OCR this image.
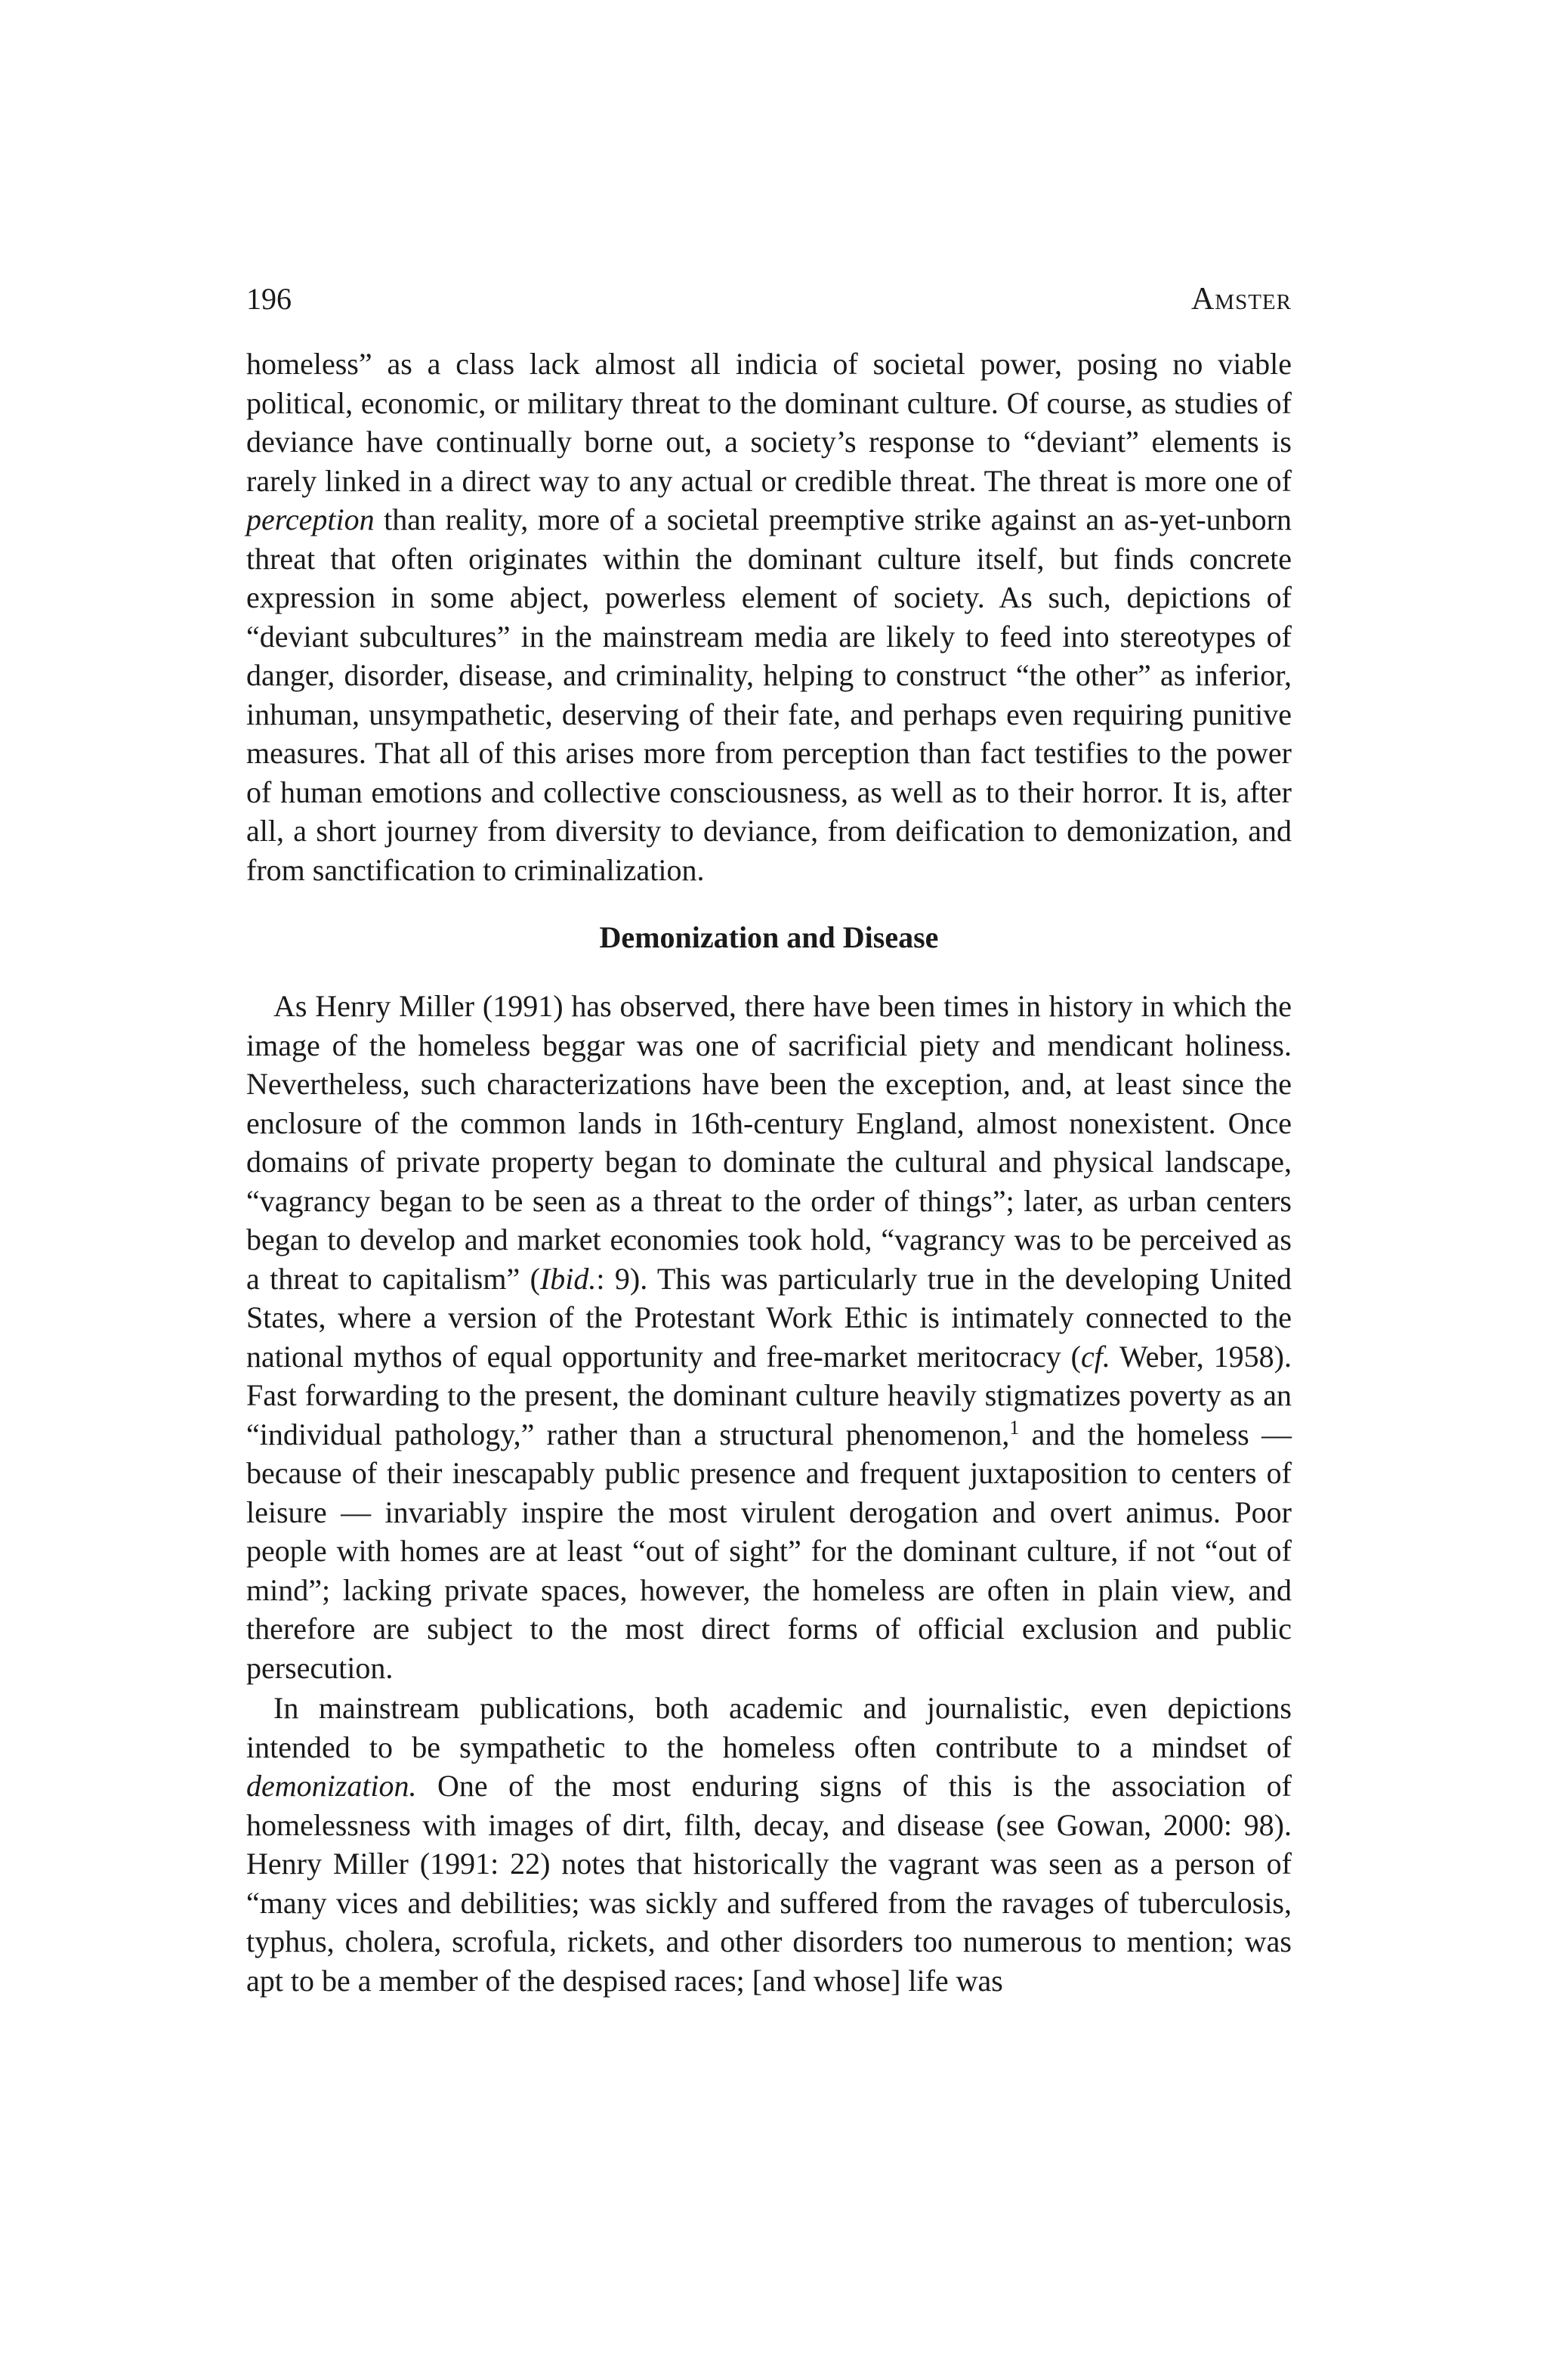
196	Amster

homeless” as a class lack almost all indicia of societal power, posing no viable political, economic, or military threat to the dominant culture. Of course, as studies of deviance have continually borne out, a society’s response to “deviant” elements is rarely linked in a direct way to any actual or credible threat. The threat is more one of perception than reality, more of a societal preemptive strike against an as-yet-unborn threat that often originates within the dominant culture itself, but finds concrete expression in some abject, powerless element of society. As such, depictions of “deviant subcultures” in the mainstream media are likely to feed into stereotypes of danger, disorder, disease, and criminality, helping to construct “the other” as inferior, inhuman, unsympathetic, deserving of their fate, and perhaps even requiring punitive measures. That all of this arises more from perception than fact testifies to the power of human emotions and collective consciousness, as well as to their horror. It is, after all, a short journey from diversity to deviance, from deification to demonization, and from sanctification to criminalization.

Demonization and Disease

As Henry Miller (1991) has observed, there have been times in history in which the image of the homeless beggar was one of sacrificial piety and mendicant holiness. Nevertheless, such characterizations have been the exception, and, at least since the enclosure of the common lands in 16th-century England, almost nonexistent. Once domains of private property began to dominate the cultural and physical landscape, “vagrancy began to be seen as a threat to the order of things”; later, as urban centers began to develop and market economies took hold, “vagrancy was to be perceived as a threat to capitalism” (Ibid.: 9). This was particularly true in the developing United States, where a version of the Protestant Work Ethic is intimately connected to the national mythos of equal opportunity and free-market meritocracy (cf. Weber, 1958). Fast forwarding to the present, the dominant culture heavily stigmatizes poverty as an “individual pathology,” rather than a structural phenomenon,$^1$ and the homeless — because of their inescapably public presence and frequent juxtaposition to centers of leisure — invariably inspire the most virulent derogation and overt animus. Poor people with homes are at least “out of sight” for the dominant culture, if not “out of mind”; lacking private spaces, however, the homeless are often in plain view, and therefore are subject to the most direct forms of official exclusion and public persecution.

In mainstream publications, both academic and journalistic, even depictions intended to be sympathetic to the homeless often contribute to a mindset of demonization. One of the most enduring signs of this is the association of homelessness with images of dirt, filth, decay, and disease (see Gowan, 2000: 98). Henry Miller (1991: 22) notes that historically the vagrant was seen as a person of “many vices and debilities; was sickly and suffered from the ravages of tuberculosis, typhus, cholera, scrofula, rickets, and other disorders too numerous to mention; was apt to be a member of the despised races; [and whose] life was
